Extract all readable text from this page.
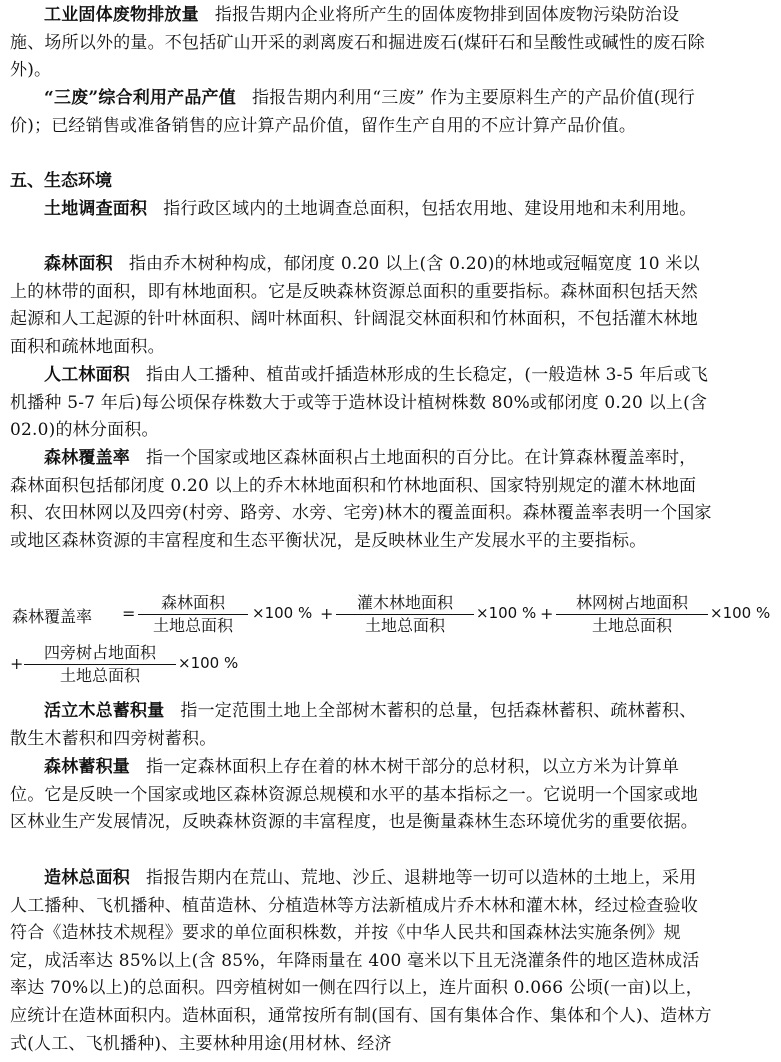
工业固体废物排放量 指报告期内企业将所产生的固体废物排到固体废物污染防治设施、场所以外的量。不包括矿山开采的剥离废石和掘进废石(煤矸石和呈酸性或碱性的废石除外)。

“三废”综合利用产品产值 指报告期内利用“三废” 作为主要原料生产的产品价值(现行价)；已经销售或准备销售的应计算产品价值，留作生产自用的不应计算产品价值。

五、生态环境

土地调查面积 指行政区域内的土地调查总面积，包括农用地、建设用地和未利用地。

森林面积 指由乔木树种构成，郁闭度 0.20 以上(含 0.20)的林地或冠幅宽度 10 米以上的林带的面积，即有林地面积。它是反映森林资源总面积的重要指标。森林面积包括天然起源和人工起源的针叶林面积、阔叶林面积、针阔混交林面积和竹林面积，不包括灌木林地面积和疏林地面积。

人工林面积 指由人工播种、植苗或扦插造林形成的生长稳定，(一般造林 3-5 年后或飞机播种 5-7 年后)每公顷保存株数大于或等于造林设计植树株数 80%或郁闭度 0.20 以上(含 02.0)的林分面积。

森林覆盖率 指一个国家或地区森林面积占土地面积的百分比。在计算森林覆盖率时，森林面积包括郁闭度 0.20 以上的乔木林地面积和竹林地面积、国家特别规定的灌木林地面积、农田林网以及四旁(村旁、路旁、水旁、宅旁)林木的覆盖面积。森林覆盖率表明一个国家或地区森林资源的丰富程度和生态平衡状况，是反映林业生产发展水平的主要指标。

森林覆盖率 =
森林面积
土地总面积
×100 % +
灌木林地面积
土地总面积
×100 % +
林网树占地面积
土地总面积
×100 %
+
四旁树占地面积
土地总面积
×100 %

活立木总蓄积量 指一定范围土地上全部树木蓄积的总量，包括森林蓄积、疏林蓄积、散生木蓄积和四旁树蓄积。

森林蓄积量 指一定森林面积上存在着的林木树干部分的总材积，以立方米为计算单位。它是反映一个国家或地区森林资源总规模和水平的基本指标之一。它说明一个国家或地区林业生产发展情况，反映森林资源的丰富程度，也是衡量森林生态环境优劣的重要依据。

造林总面积 指报告期内在荒山、荒地、沙丘、退耕地等一切可以造林的土地上，采用人工播种、飞机播种、植苗造林、分植造林等方法新植成片乔木林和灌木林，经过检查验收符合《造林技术规程》要求的单位面积株数，并按《中华人民共和国森林法实施条例》规定，成活率达 85%以上(含 85%，年降雨量在 400 毫米以下且无浇灌条件的地区造林成活率达 70%以上)的总面积。四旁植树如一侧在四行以上，连片面积 0.066 公顷(一亩)以上，应统计在造林面积内。造林面积，通常按所有制(国有、国有集体合作、集体和个人)、造林方式(人工、飞机播种)、主要林种用途(用材林、经济
